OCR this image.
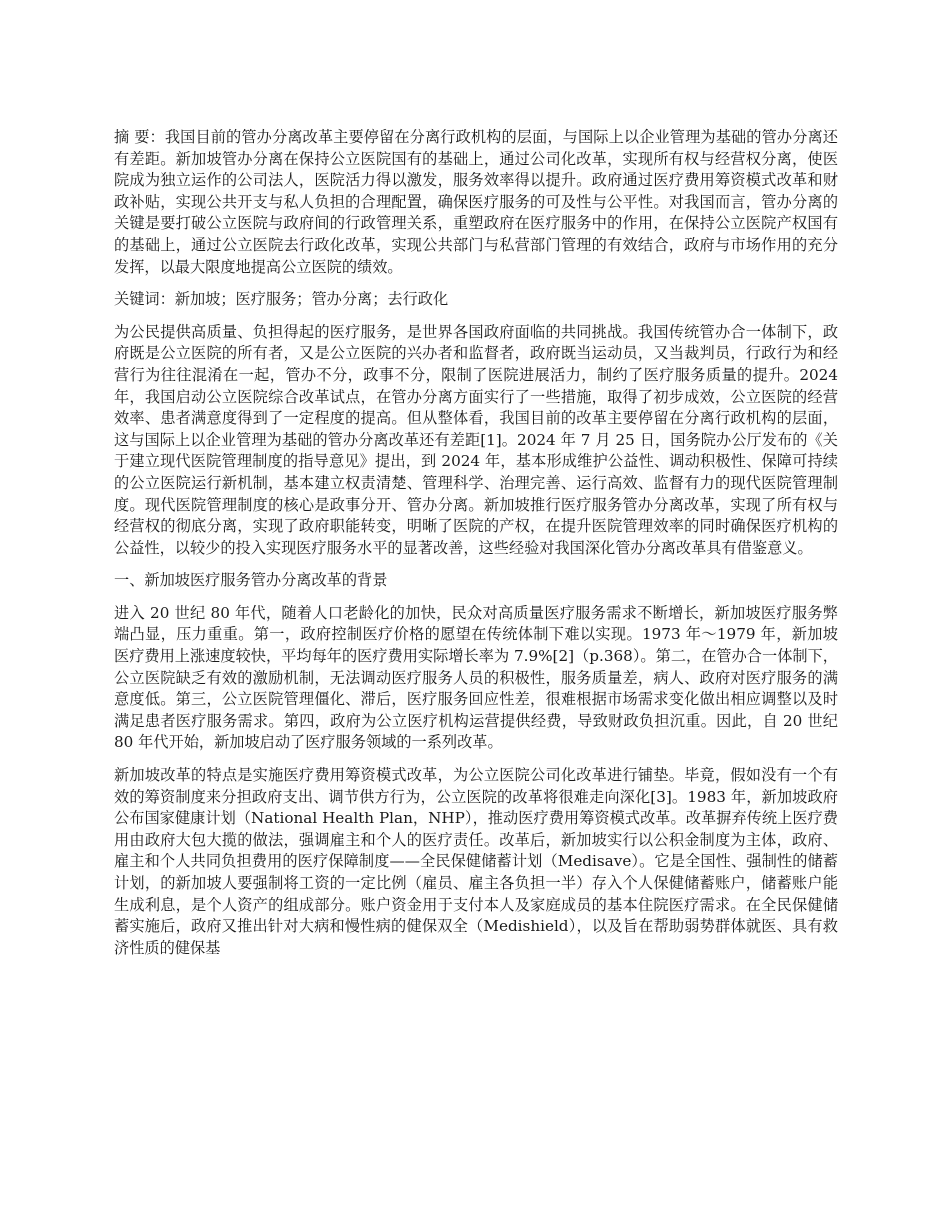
摘 要：我国目前的管办分离改革主要停留在分离行政机构的层面，与国际上以企业管理为基础的管办分离还有差距。新加坡管办分离在保持公立医院国有的基础上，通过公司化改革，实现所有权与经营权分离，使医院成为独立运作的公司法人，医院活力得以激发，服务效率得以提升。政府通过医疗费用筹资模式改革和财政补贴，实现公共开支与私人负担的合理配置，确保医疗服务的可及性与公平性。对我国而言，管办分离的关键是要打破公立医院与政府间的行政管理关系，重塑政府在医疗服务中的作用，在保持公立医院产权国有的基础上，通过公立医院去行政化改革，实现公共部门与私营部门管理的有效结合，政府与市场作用的充分发挥，以最大限度地提高公立医院的绩效。

关键词：新加坡；医疗服务；管办分离；去行政化

为公民提供高质量、负担得起的医疗服务，是世界各国政府面临的共同挑战。我国传统管办合一体制下，政府既是公立医院的所有者，又是公立医院的兴办者和监督者，政府既当运动员，又当裁判员，行政行为和经营行为往往混淆在一起，管办不分，政事不分，限制了医院进展活力，制约了医疗服务质量的提升。2024 年，我国启动公立医院综合改革试点，在管办分离方面实行了一些措施，取得了初步成效，公立医院的经营效率、患者满意度得到了一定程度的提高。但从整体看，我国目前的改革主要停留在分离行政机构的层面，这与国际上以企业管理为基础的管办分离改革还有差距[1]。2024 年 7 月 25 日，国务院办公厅发布的《关于建立现代医院管理制度的指导意见》提出，到 2024 年，基本形成维护公益性、调动积极性、保障可持续的公立医院运行新机制，基本建立权责清楚、管理科学、治理完善、运行高效、监督有力的现代医院管理制度。现代医院管理制度的核心是政事分开、管办分离。新加坡推行医疗服务管办分离改革，实现了所有权与经营权的彻底分离，实现了政府职能转变，明晰了医院的产权，在提升医院管理效率的同时确保医疗机构的公益性，以较少的投入实现医疗服务水平的显著改善，这些经验对我国深化管办分离改革具有借鉴意义。

一、新加坡医疗服务管办分离改革的背景

进入 20 世纪 80 年代，随着人口老龄化的加快，民众对高质量医疗服务需求不断增长，新加坡医疗服务弊端凸显，压力重重。第一，政府控制医疗价格的愿望在传统体制下难以实现。1973 年～1979 年，新加坡医疗费用上涨速度较快，平均每年的医疗费用实际增长率为 7.9%[2]（p.368）。第二，在管办合一体制下，公立医院缺乏有效的激励机制，无法调动医疗服务人员的积极性，服务质量差，病人、政府对医疗服务的满意度低。第三，公立医院管理僵化、滞后，医疗服务回应性差，很难根据市场需求变化做出相应调整以及时满足患者医疗服务需求。第四，政府为公立医疗机构运营提供经费，导致财政负担沉重。因此，自 20 世纪 80 年代开始，新加坡启动了医疗服务领域的一系列改革。

新加坡改革的特点是实施医疗费用筹资模式改革，为公立医院公司化改革进行铺垫。毕竟，假如没有一个有效的筹资制度来分担政府支出、调节供方行为，公立医院的改革将很难走向深化[3]。1983 年，新加坡政府公布国家健康计划（National Health Plan，NHP），推动医疗费用筹资模式改革。改革摒弃传统上医疗费用由政府大包大揽的做法，强调雇主和个人的医疗责任。改革后，新加坡实行以公积金制度为主体，政府、雇主和个人共同负担费用的医疗保障制度——全民保健储蓄计划（Medisave）。它是全国性、强制性的储蓄计划，的新加坡人要强制将工资的一定比例（雇员、雇主各负担一半）存入个人保健储蓄账户，储蓄账户能生成利息，是个人资产的组成部分。账户资金用于支付本人及家庭成员的基本住院医疗需求。在全民保健储蓄实施后，政府又推出针对大病和慢性病的健保双全（Medishield），以及旨在帮助弱势群体就医、具有救济性质的健保基
